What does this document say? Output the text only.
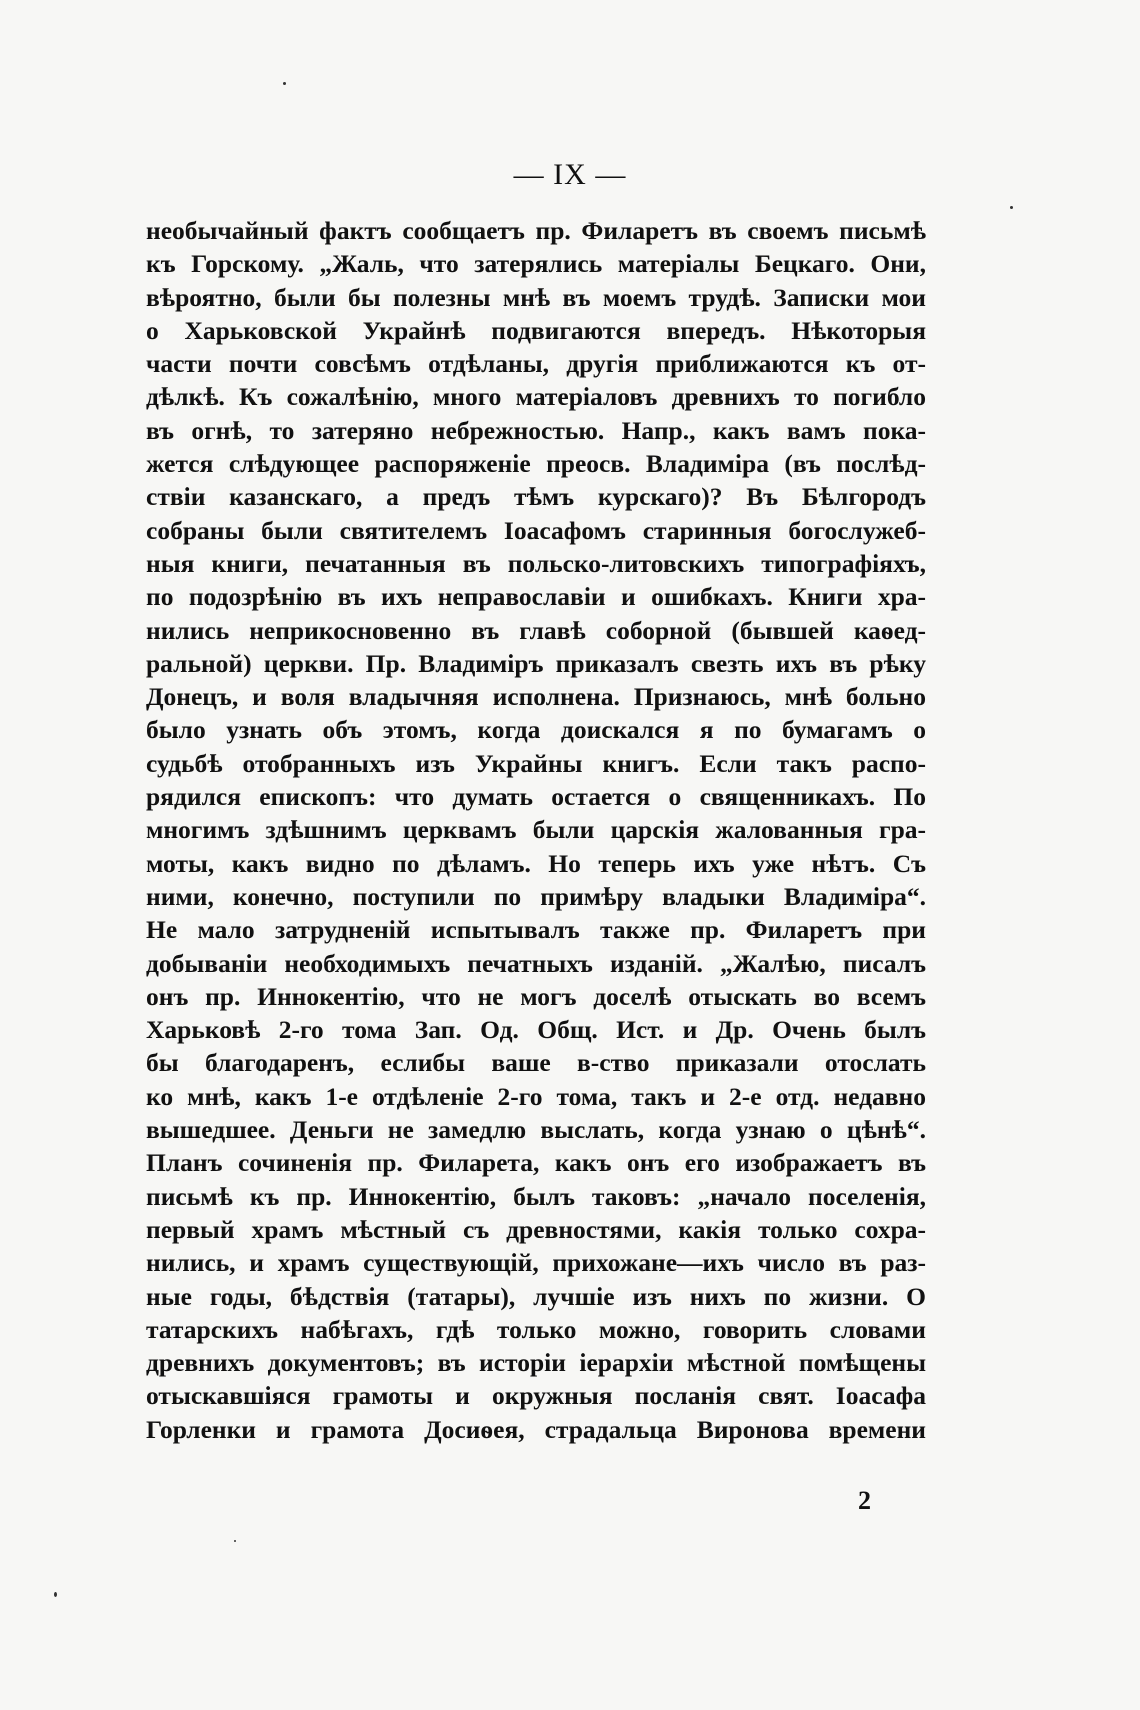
— IX —
необычайный фактъ сообщаетъ пр. Филаретъ въ своемъ письмѣ
къ Горскому. „Жаль, что затерялись матеріалы Бецкаго. Они,
вѣроятно, были бы полезны мнѣ въ моемъ трудѣ. Записки мои
о Харьковской Украйнѣ подвигаются впередъ. Нѣкоторыя
части почти совсѣмъ отдѣланы, другія приближаются къ от-
дѣлкѣ. Къ сожалѣнію, много матеріаловъ древнихъ то погибло
въ огнѣ, то затеряно небрежностью. Напр., какъ вамъ пока-
жется слѣдующее распоряженіе преосв. Владиміра (въ послѣд-
ствіи казанскаго, а предъ тѣмъ курскаго)? Въ Бѣлгородъ
собраны были святителемъ Іоасафомъ старинныя богослужеб-
ныя книги, печатанныя въ польско-литовскихъ типографіяхъ,
по подозрѣнію въ ихъ неправославіи и ошибкахъ. Книги хра-
нились неприкосновенно въ главѣ соборной (бывшей каѳед-
ральной) церкви. Пр. Владиміръ приказалъ свезть ихъ въ рѣку
Донецъ, и воля владычняя исполнена. Признаюсь, мнѣ больно
было узнать объ этомъ, когда доискался я по бумагамъ о
судьбѣ отобранныхъ изъ Украйны книгъ. Если такъ распо-
рядился епископъ: что думать остается о священникахъ. По
многимъ здѣшнимъ церквамъ были царскія жалованныя гра-
моты, какъ видно по дѣламъ. Но теперь ихъ уже нѣтъ. Съ
ними, конечно, поступили по примѣру владыки Владиміра“.
Не мало затрудненій испытывалъ также пр. Филаретъ при
добываніи необходимыхъ печатныхъ изданій. „Жалѣю, писалъ
онъ пр. Иннокентію, что не могъ доселѣ отыскать во всемъ
Харьковѣ 2-го тома Зап. Од. Общ. Ист. и Др. Очень былъ
бы благодаренъ, еслибы ваше в-ство приказали отослать
ко мнѣ, какъ 1-е отдѣленіе 2-го тома, такъ и 2-е отд. недавно
вышедшее. Деньги не замедлю выслать, когда узнаю о цѣнѣ“.
Планъ сочиненія пр. Филарета, какъ онъ его изображаетъ въ
письмѣ къ пр. Иннокентію, былъ таковъ: „начало поселенія,
первый храмъ мѣстный съ древностями, какія только сохра-
нились, и храмъ существующій, прихожане—ихъ число въ раз-
ные годы, бѣдствія (татары), лучшіе изъ нихъ по жизни. О
татарскихъ набѣгахъ, гдѣ только можно, говорить словами
древнихъ документовъ; въ исторіи іерархіи мѣстной помѣщены
отыскавшіяся грамоты и окружныя посланія свят. Іоасафа
Горленки и грамота Досиѳея, страдальца Виронова времени
2
